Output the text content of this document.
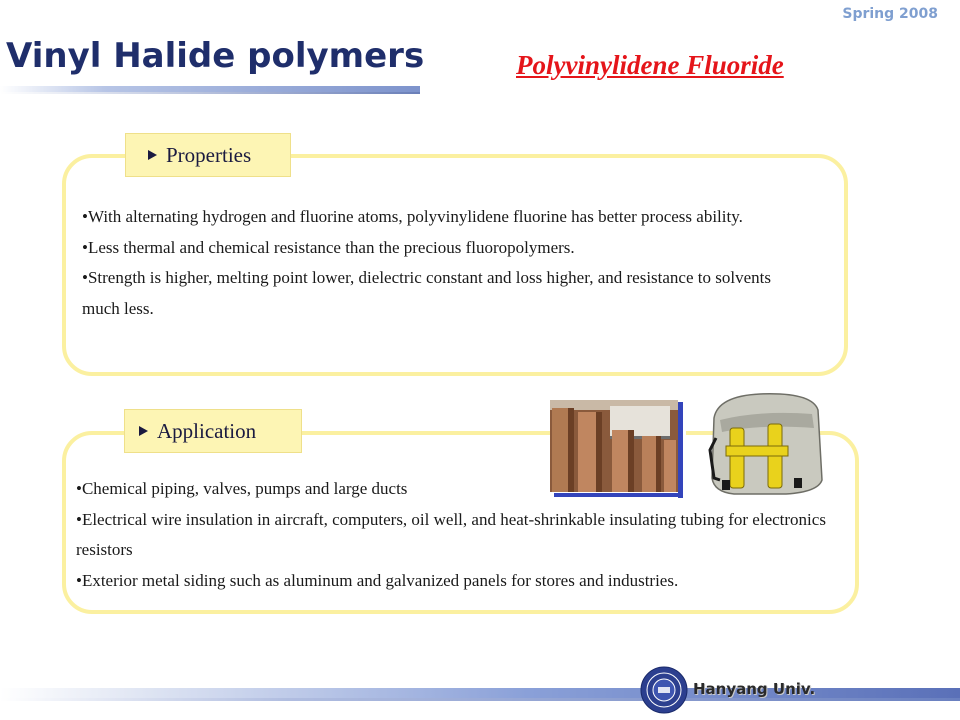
Spring 2008
Vinyl Halide polymers	Polyvinylidene Fluoride
Properties

• With alternating hydrogen and fluorine atoms, polyvinylidene fluorine has better process ability.

• Less thermal and chemical resistance than the precious fluoropolymers.

• Strength is higher, melting point lower, dielectric constant and loss higher, and resistance to solvents much less.

Application

• Chemical piping, valves, pumps and large ducts

• Electrical wire insulation in aircraft, computers, oil well, and heat-shrinkable insulating tubing for electronics resistors

• Exterior metal siding such as aluminum and galvanized panels for stores and industries.

Hanyang Univ.
